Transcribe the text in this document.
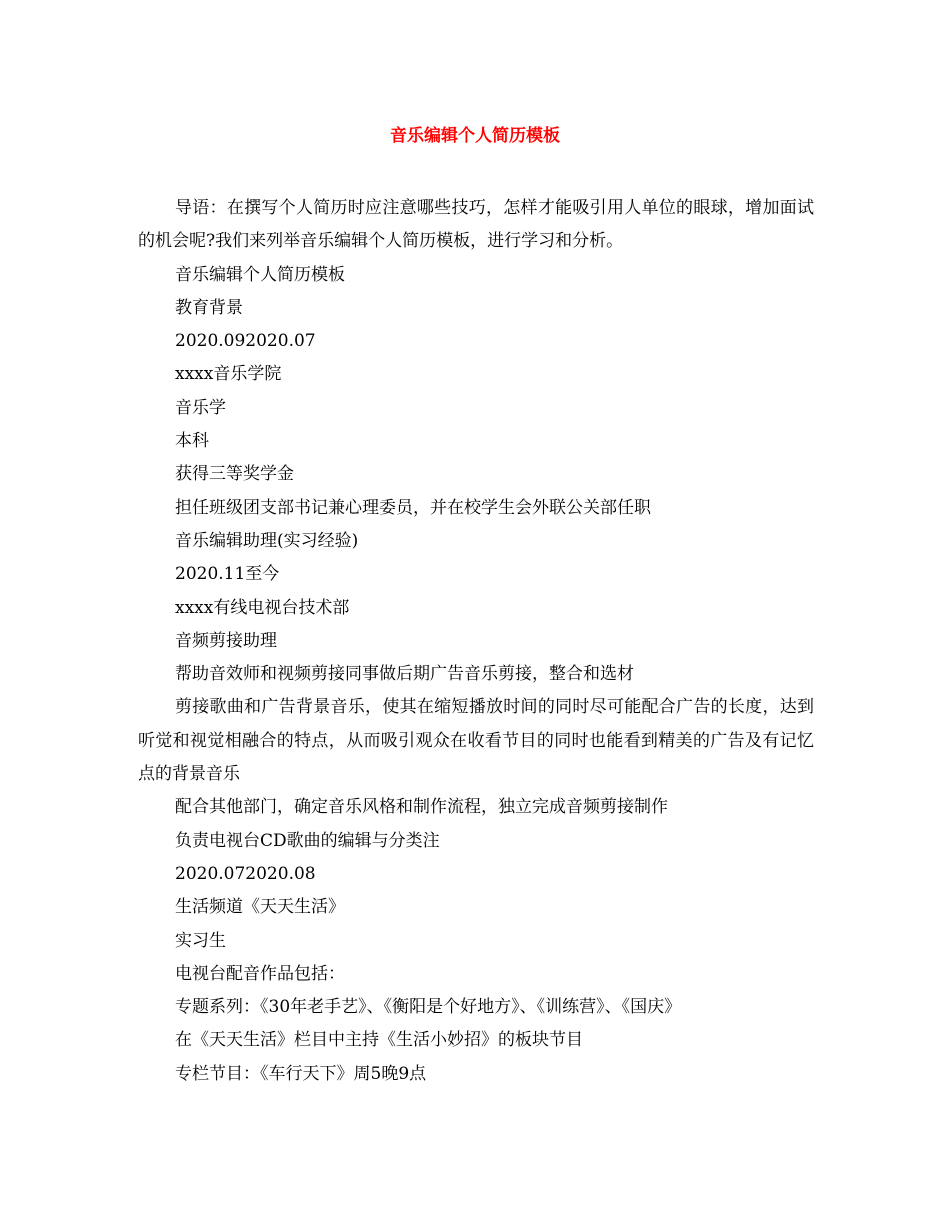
音乐编辑个人简历模板

导语：在撰写个人简历时应注意哪些技巧，怎样才能吸引用人单位的眼球，增加面试的机会呢?我们来列举音乐编辑个人简历模板，进行学习和分析。

音乐编辑个人简历模板

教育背景

2020.092020.07

xxxx音乐学院

音乐学

本科

获得三等奖学金

担任班级团支部书记兼心理委员，并在校学生会外联公关部任职

音乐编辑助理(实习经验)

2020.11至今

xxxx有线电视台技术部

音频剪接助理

帮助音效师和视频剪接同事做后期广告音乐剪接，整合和选材

剪接歌曲和广告背景音乐，使其在缩短播放时间的同时尽可能配合广告的长度，达到听觉和视觉相融合的特点，从而吸引观众在收看节目的同时也能看到精美的广告及有记忆点的背景音乐

配合其他部门，确定音乐风格和制作流程，独立完成音频剪接制作

负责电视台CD歌曲的编辑与分类注

2020.072020.08

生活频道《天天生活》

实习生

电视台配音作品包括：

专题系列：《30年老手艺》、《衡阳是个好地方》、《训练营》、《国庆》

在《天天生活》栏目中主持《生活小妙招》的板块节目

专栏节目：《车行天下》周5晚9点
